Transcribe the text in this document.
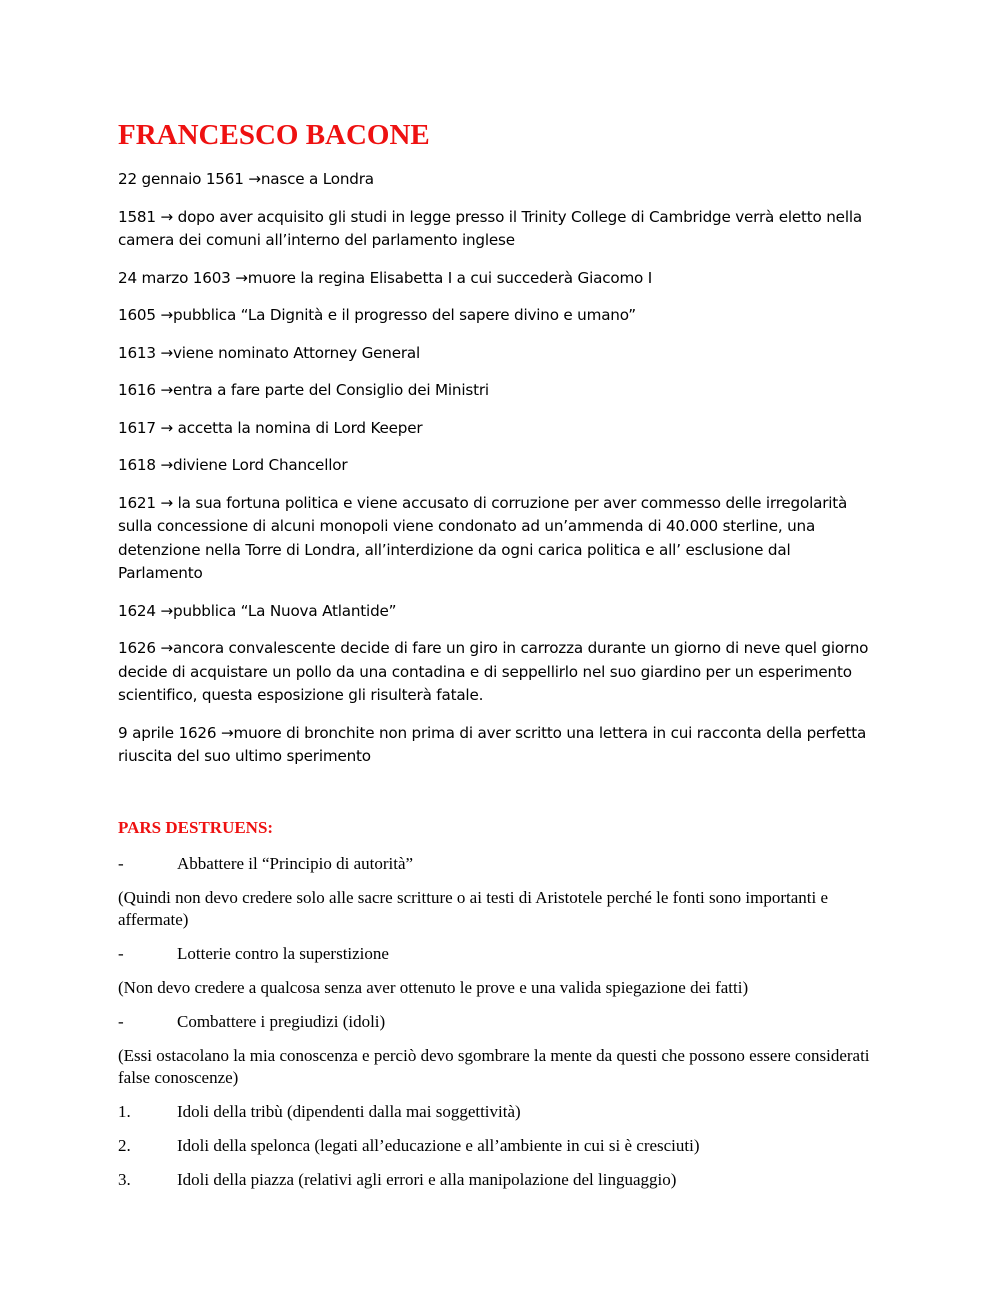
FRANCESCO BACONE

22 gennaio 1561 →nasce a Londra

1581 → dopo aver acquisito gli studi in legge presso il Trinity College di Cambridge verrà eletto nella camera dei comuni all’interno del parlamento inglese

24 marzo 1603 →muore la regina Elisabetta I a cui succederà Giacomo I

1605 →pubblica “La Dignità e il progresso del sapere divino e umano”

1613 →viene nominato Attorney General

1616 →entra a fare parte del Consiglio dei Ministri

1617 → accetta la nomina di Lord Keeper

1618 →diviene Lord Chancellor

1621 → la sua fortuna politica e viene accusato di corruzione per aver commesso delle irregolarità sulla concessione di alcuni monopoli viene condonato ad un’ammenda di 40.000 sterline, una detenzione nella Torre di Londra, all’interdizione da ogni carica politica e all’ esclusione dal Parlamento

1624 →pubblica “La Nuova Atlantide”

1626 →ancora convalescente decide di fare un giro in carrozza durante un giorno di neve quel giorno decide di acquistare un pollo da una contadina e di seppellirlo nel suo giardino per un esperimento scientifico, questa esposizione gli risulterà fatale.

9 aprile 1626 →muore di bronchite non prima di aver scritto una lettera in cui racconta della perfetta riuscita del suo ultimo sperimento

PARS DESTRUENS:

-	Abbattere il “Principio di autorità”

(Quindi non devo credere solo alle sacre scritture o ai testi di Aristotele perché le fonti sono importanti e affermate)

-	Lotterie contro la superstizione

(Non devo credere a qualcosa senza aver ottenuto le prove e una valida spiegazione dei fatti)

-	Combattere i pregiudizi (idoli)

(Essi ostacolano la mia conoscenza e perciò devo sgombrare la mente da questi che possono essere considerati false conoscenze)

1.	Idoli della tribù (dipendenti dalla mai soggettività)

2.	Idoli della spelonca (legati all’educazione e all’ambiente in cui si è cresciuti)

3.	Idoli della piazza (relativi agli errori e alla manipolazione del linguaggio)
